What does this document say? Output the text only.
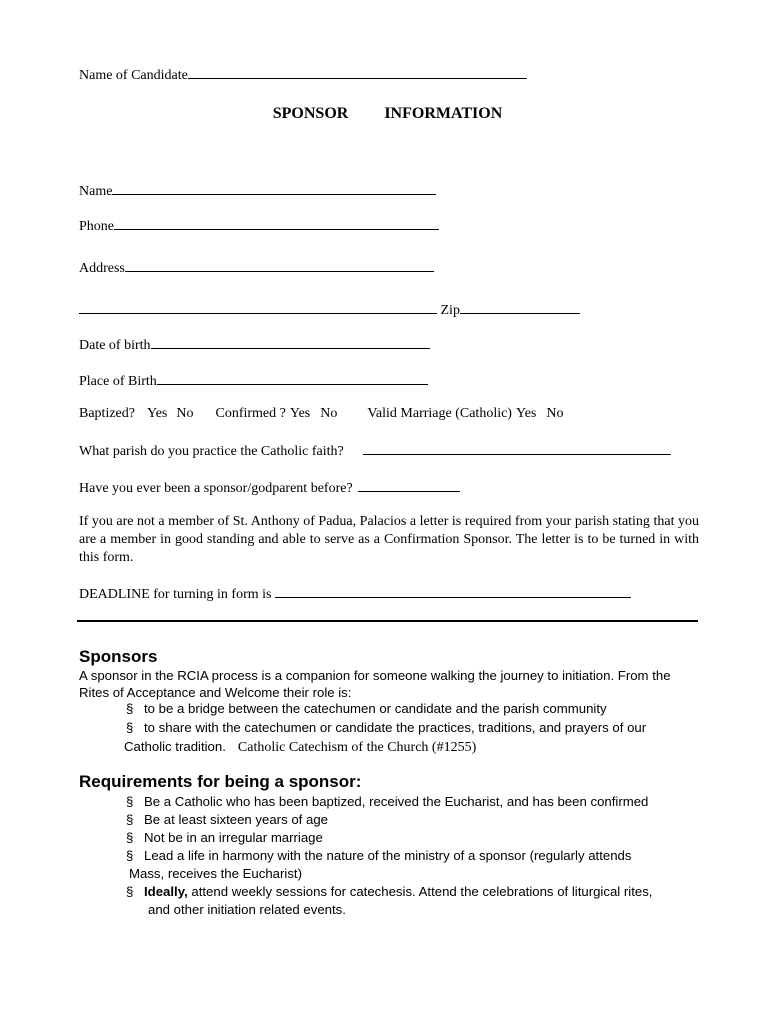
Name of Candidate
SPONSOR   INFORMATION
Name
Phone
Address
Zip
Date of birth
Place of Birth
Baptized? Yes No Confirmed ? Yes No Valid Marriage (Catholic) Yes No
What parish do you practice the Catholic faith?
Have you ever been a sponsor/godparent before?
If you are not a member of St. Anthony of Padua, Palacios a letter is required from your parish stating that you are a member in good standing and able to serve as a Confirmation Sponsor. The letter is to be turned in with this form.
DEADLINE for turning in form is
Sponsors
A sponsor in the RCIA process is a companion for someone walking the journey to initiation. From the Rites of Acceptance and Welcome their role is:
§ to be a bridge between the catechumen or candidate and the parish community
§ to share with the catechumen or candidate the practices, traditions, and prayers of our
Catholic tradition. Catholic Catechism of the Church (#1255)
Requirements for being a sponsor:
§ Be a Catholic who has been baptized, received the Eucharist, and has been confirmed
§ Be at least sixteen years of age
§ Not be in an irregular marriage
§ Lead a life in harmony with the nature of the ministry of a sponsor (regularly attends
Mass, receives the Eucharist)
§ Ideally, attend weekly sessions for catechesis. Attend the celebrations of liturgical rites,
and other initiation related events.
